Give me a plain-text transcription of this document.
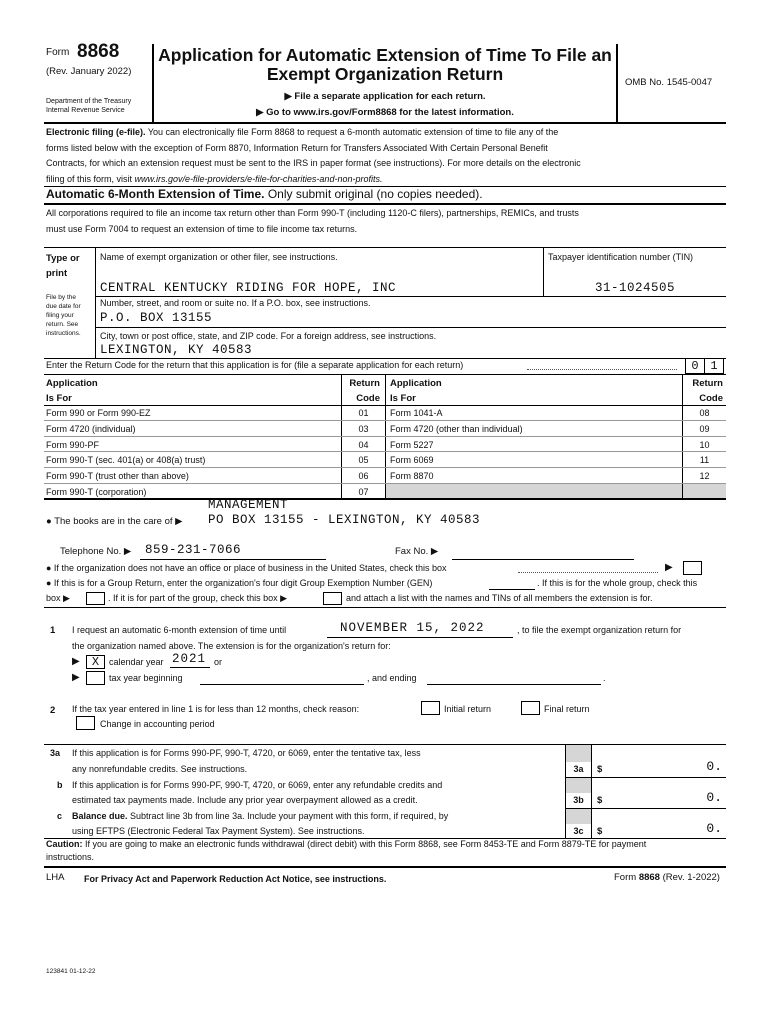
Form 8868
(Rev. January 2022)
Department of the Treasury
Internal Revenue Service
Application for Automatic Extension of Time To File an
Exempt Organization Return
▶ File a separate application for each return.
▶ Go to www.irs.gov/Form8868 for the latest information.
OMB No. 1545-0047
Electronic filing (e-file). You can electronically file Form 8868 to request a 6-month automatic extension of time to file any of the
forms listed below with the exception of Form 8870, Information Return for Transfers Associated With Certain Personal Benefit
Contracts, for which an extension request must be sent to the IRS in paper format (see instructions). For more details on the electronic
filing of this form, visit www.irs.gov/e-file-providers/e-file-for-charities-and-non-profits.
Automatic 6-Month Extension of Time. Only submit original (no copies needed).
All corporations required to file an income tax return other than Form 990-T (including 1120-C filers), partnerships, REMICs, and trusts
must use Form 7004 to request an extension of time to file income tax returns.
Type or
print
File by the
due date for
filing your
return. See
instructions.
Name of exempt organization or other filer, see instructions.
CENTRAL KENTUCKY RIDING FOR HOPE, INC
Taxpayer identification number (TIN)
31-1024505
Number, street, and room or suite no. If a P.O. box, see instructions.
P.O. BOX 13155
City, town or post office, state, and ZIP code. For a foreign address, see instructions.
LEXINGTON, KY 40583
Enter the Return Code for the return that this application is for (file a separate application for each return)	0 1
Application
Is For
Return
Code
Application
Is For
Return
Code
Form 990 or Form 990-EZ	01
Form 4720 (individual)	03
Form 990-PF	04
Form 990-T (sec. 401(a) or 408(a) trust)	05
Form 990-T (trust other than above)	06
Form 990-T (corporation)	07
Form 1041-A	08
Form 4720 (other than individual)	09
Form 5227	10
Form 6069	11
Form 8870	12
MANAGEMENT
● The books are in the care of ▶ PO BOX 13155 - LEXINGTON, KY 40583
Telephone No. ▶ 859-231-7066	Fax No. ▶
● If the organization does not have an office or place of business in the United States, check this box	▶
● If this is for a Group Return, enter the organization's four digit Group Exemption Number (GEN)	. If this is for the whole group, check this
box ▶	. If it is for part of the group, check this box ▶	and attach a list with the names and TINs of all members the extension is for.
1 I request an automatic 6-month extension of time until	NOVEMBER 15, 2022	, to file the exempt organization return for
the organization named above. The extension is for the organization's return for:
▶	X	calendar year 2021 or
▶	tax year beginning	, and ending	.
2 If the tax year entered in line 1 is for less than 12 months, check reason:	Initial return	Final return
Change in accounting period
3a If this application is for Forms 990-PF, 990-T, 4720, or 6069, enter the tentative tax, less
any nonrefundable credits. See instructions.	3a	$	0.
b If this application is for Forms 990-PF, 990-T, 4720, or 6069, enter any refundable credits and
estimated tax payments made. Include any prior year overpayment allowed as a credit.	3b	$	0.
c Balance due. Subtract line 3b from line 3a. Include your payment with this form, if required, by
using EFTPS (Electronic Federal Tax Payment System). See instructions.	3c	$	0.
Caution: If you are going to make an electronic funds withdrawal (direct debit) with this Form 8868, see Form 8453-TE and Form 8879-TE for payment
instructions.
LHA For Privacy Act and Paperwork Reduction Act Notice, see instructions.	Form 8868 (Rev. 1-2022)
123841 01-12-22
